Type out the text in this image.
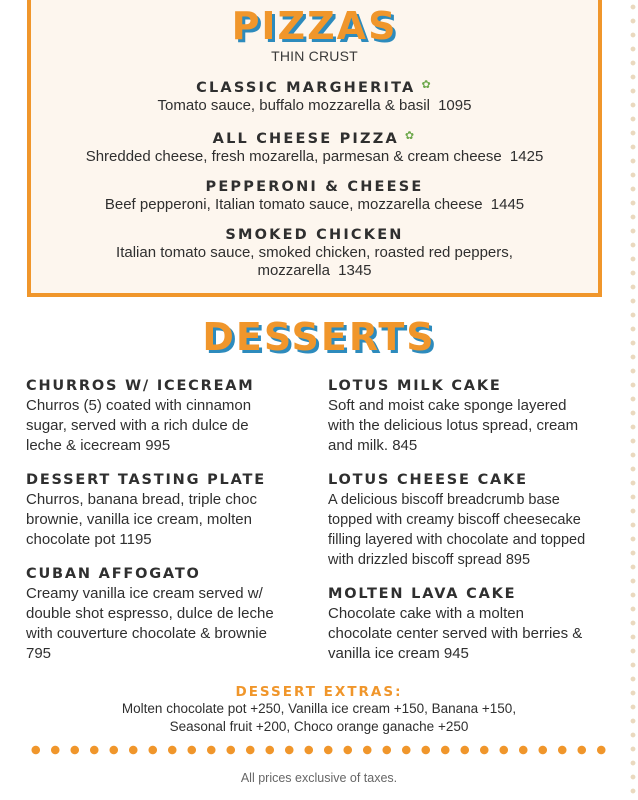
PIZZAS
THIN CRUST
CLASSIC MARGHERITA ✿
Tomato sauce, buffalo mozzarella & basil 1095
ALL CHEESE PIZZA ✿
Shredded cheese, fresh mozarella, parmesan & cream cheese 1425
PEPPERONI & CHEESE
Beef pepperoni, Italian tomato sauce, mozzarella cheese 1445
SMOKED CHICKEN
Italian tomato sauce, smoked chicken, roasted red peppers,
mozzarella 1345
DESSERTS
CHURROS W/ ICECREAM
Churros (5) coated with cinnamon
sugar, served with a rich dulce de
leche & icecream 995
DESSERT TASTING PLATE
Churros, banana bread, triple choc
brownie, vanilla ice cream, molten
chocolate pot 1195
CUBAN AFFOGATO
Creamy vanilla ice cream served w/
double shot espresso, dulce de leche
with couverture chocolate & brownie
795
LOTUS MILK CAKE
Soft and moist cake sponge layered
with the delicious lotus spread, cream
and milk. 845
LOTUS CHEESE CAKE
A delicious biscoff breadcrumb base
topped with creamy biscoff cheesecake
filling layered with chocolate and topped
with drizzled biscoff spread 895
MOLTEN LAVA CAKE
Chocolate cake with a molten
chocolate center served with berries &
vanilla ice cream 945
DESSERT EXTRAS:
Molten chocolate pot +250, Vanilla ice cream +150, Banana +150,
Seasonal fruit +200, Choco orange ganache +250
All prices exclusive of taxes.
